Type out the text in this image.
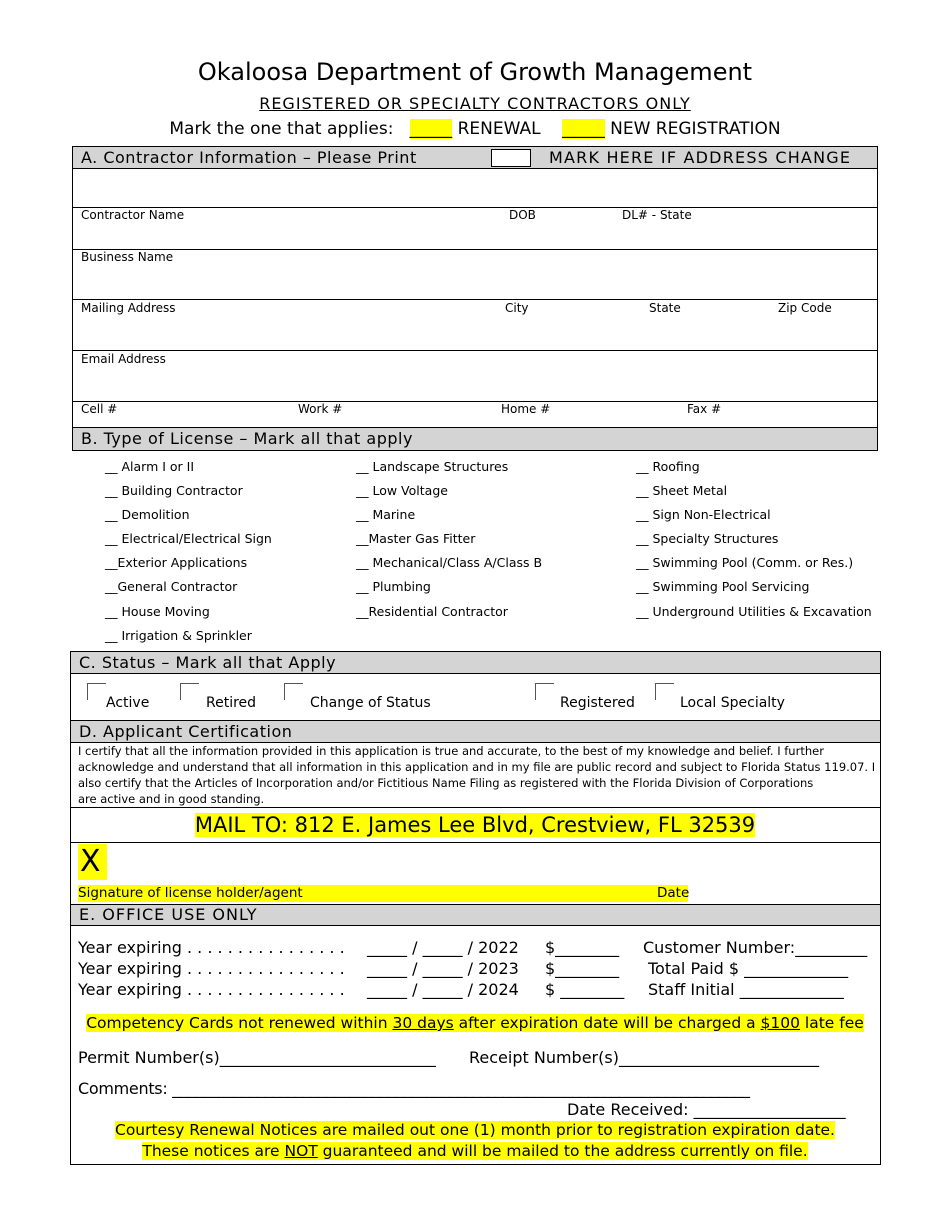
Okaloosa Department of Growth Management
REGISTERED OR SPECIALTY CONTRACTORS ONLY
Mark the one that applies: _____ RENEWAL _____ NEW REGISTRATION
A. Contractor Information – Please Print	MARK HERE IF ADDRESS CHANGE
Contractor Name	DOB	DL# - State
Business Name
Mailing Address	City	State	Zip Code
Email Address
Cell #	Work #	Home #	Fax #
B. Type of License – Mark all that apply
__ Alarm I or II
__ Building Contractor
__ Demolition
__ Electrical/Electrical Sign
__Exterior Applications
__General Contractor
__ House Moving
__ Irrigation & Sprinkler
__ Landscape Structures
__ Low Voltage
__ Marine
__Master Gas Fitter
__ Mechanical/Class A/Class B
__ Plumbing
__Residential Contractor
__ Roofing
__ Sheet Metal
__ Sign Non-Electrical
__ Specialty Structures
__ Swimming Pool (Comm. or Res.)
__ Swimming Pool Servicing
__ Underground Utilities & Excavation
C. Status – Mark all that Apply
Active	Retired	Change of Status	Registered	Local Specialty
D. Applicant Certification
I certify that all the information provided in this application is true and accurate, to the best of my knowledge and belief. I further
acknowledge and understand that all information in this application and in my file are public record and subject to Florida Status 119.07. I
also certify that the Articles of Incorporation and/or Fictitious Name Filing as registered with the Florida Division of Corporations
are active and in good standing.
MAIL TO: 812 E. James Lee Blvd, Crestview, FL 32539
X
Signature of license holder/agent	Date
E. OFFICE USE ONLY
Year expiring . . . . . . . . . . . . . . . . _____ / _____ / 2022 $________ Customer Number:_________
Year expiring . . . . . . . . . . . . . . . . _____ / _____ / 2023 $________ Total Paid $ _____________
Year expiring . . . . . . . . . . . . . . . . _____ / _____ / 2024 $ ________ Staff Initial _____________
Competency Cards not renewed within 30 days after expiration date will be charged a $100 late fee
Permit Number(s)___________________________ Receipt Number(s)_________________________
Comments: ___________________________________________________________________________
Date Received: ___________________
Courtesy Renewal Notices are mailed out one (1) month prior to registration expiration date.
These notices are NOT guaranteed and will be mailed to the address currently on file.
